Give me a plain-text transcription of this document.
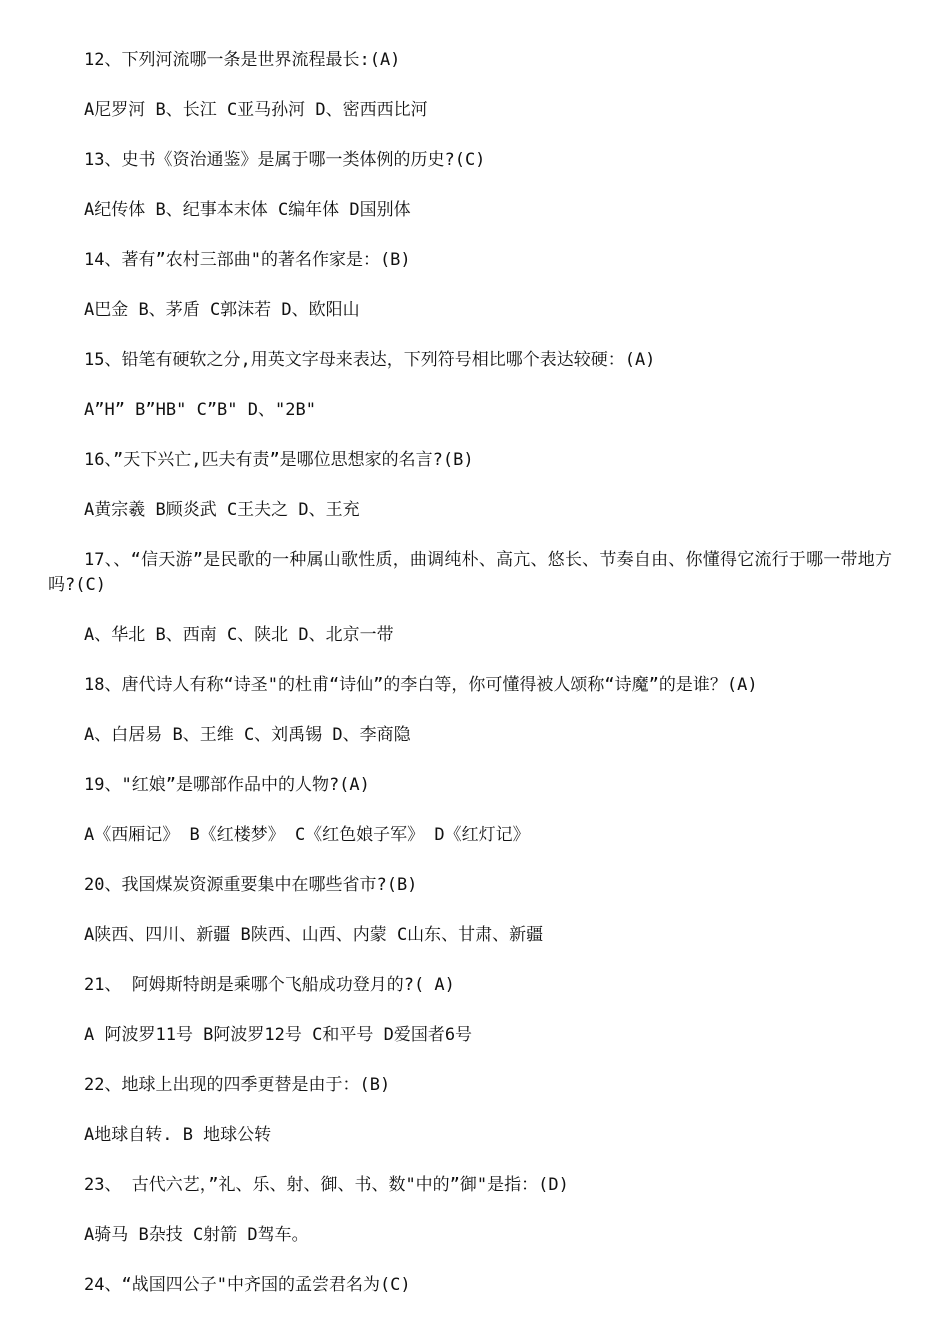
12、下列河流哪一条是世界流程最长:(A)

A尼罗河 B、长江 C亚马孙河 D、密西西比河

13、史书《资治通鉴》是属于哪一类体例的历史?(C)

A纪传体 B、纪事本末体 C编年体 D国别体

14、著有”农村三部曲"的著名作家是：(B)

A巴金 B、茅盾 C郭沫若 D、欧阳山

15、铅笔有硬软之分,用英文字母来表达，下列符号相比哪个表达较硬：(A)

A”H” B”HB" C”B" D、"2B"

16、”天下兴亡,匹夫有责”是哪位思想家的名言?(B)

A黄宗羲 B顾炎武 C王夫之 D、王充

17、、“信天游”是民歌的一种属山歌性质，曲调纯朴、高亢、悠长、节奏自由、你懂得它流行于哪一带地方吗?(C)

A、华北 B、西南 C、陕北 D、北京一带

18、唐代诗人有称“诗圣"的杜甫“诗仙”的李白等，你可懂得被人颂称“诗魔”的是谁？(A)

A、白居易 B、王维 C、刘禹锡 D、李商隐

19、"红娘”是哪部作品中的人物?(A)

A《西厢记》 B《红楼梦》 C《红色娘子军》 D《红灯记》

20、我国煤炭资源重要集中在哪些省市?(B)

A陕西、四川、新疆 B陕西、山西、内蒙 C山东、甘肃、新疆

21、 阿姆斯特朗是乘哪个飞船成功登月的?( A)

A 阿波罗11号 B阿波罗12号 C和平号 D爱国者6号

22、地球上出现的四季更替是由于：(B)

A地球自转. B 地球公转

23、 古代六艺，”礼、乐、射、御、书、数"中的”御"是指：(D)

A骑马 B杂技 C射箭 D驾车。

24、“战国四公子"中齐国的孟尝君名为(C)
